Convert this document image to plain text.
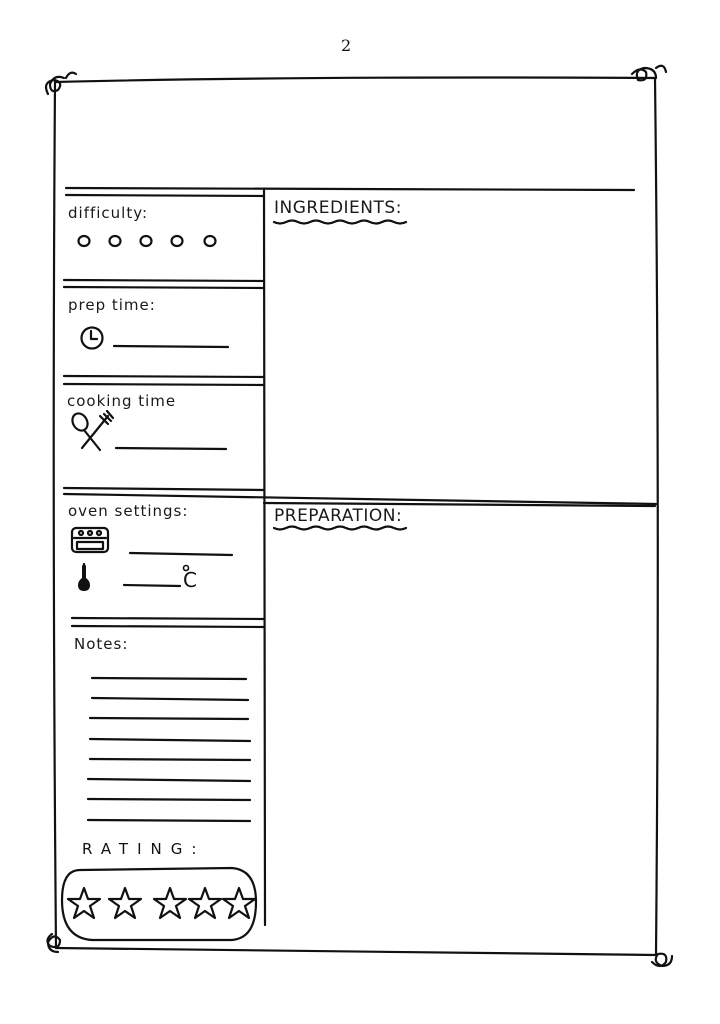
2
difficulty:
prep time:
cooking time
oven settings:
C
Notes:
RATING:
INGREDIENTS:
PREPARATION:
